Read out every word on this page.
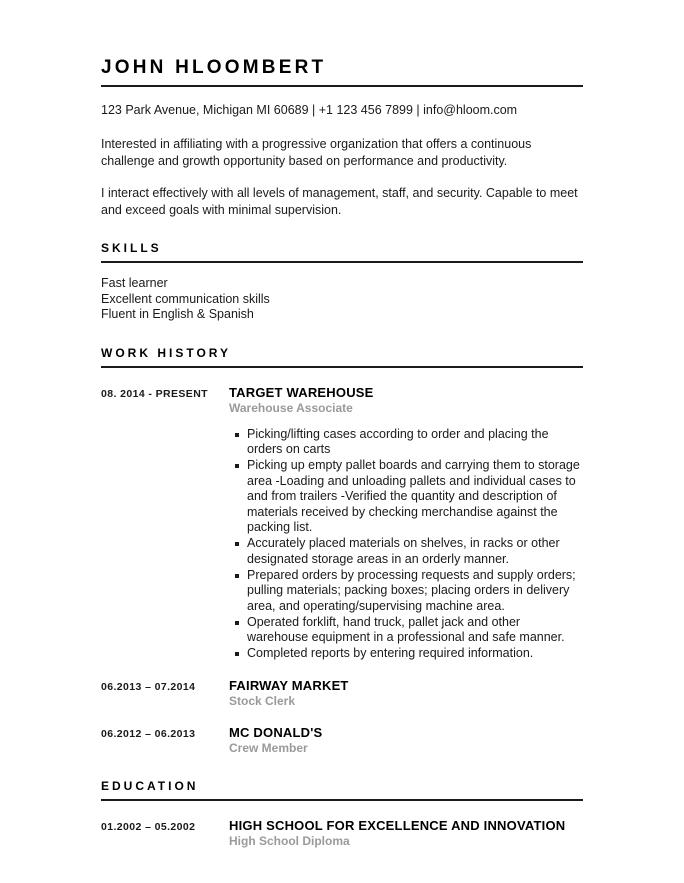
JOHN HLOOMBERT

123 Park Avenue, Michigan MI 60689 | +1 123 456 7899 | info@hloom.com

Interested in affiliating with a progressive organization that offers a continuous challenge and growth opportunity based on performance and productivity.

I interact effectively with all levels of management, staff, and security. Capable to meet and exceed goals with minimal supervision.

SKILLS
Fast learner
Excellent communication skills
Fluent in English & Spanish
WORK HISTORY
08. 2014 - PRESENT	TARGET WAREHOUSE
Warehouse Associate
Picking/lifting cases according to order and placing the orders on carts
Picking up empty pallet boards and carrying them to storage area -Loading and unloading pallets and individual cases to and from trailers -Verified the quantity and description of materials received by checking merchandise against the packing list.
Accurately placed materials on shelves, in racks or other designated storage areas in an orderly manner.
Prepared orders by processing requests and supply orders; pulling materials; packing boxes; placing orders in delivery area, and operating/supervising machine area.
Operated forklift, hand truck, pallet jack and other warehouse equipment in a professional and safe manner.
Completed reports by entering required information.
06.2013 – 07.2014	FAIRWAY MARKET
Stock Clerk
06.2012 – 06.2013	MC DONALD'S
Crew Member
EDUCATION
01.2002 – 05.2002	HIGH SCHOOL FOR EXCELLENCE AND INNOVATION
High School Diploma
